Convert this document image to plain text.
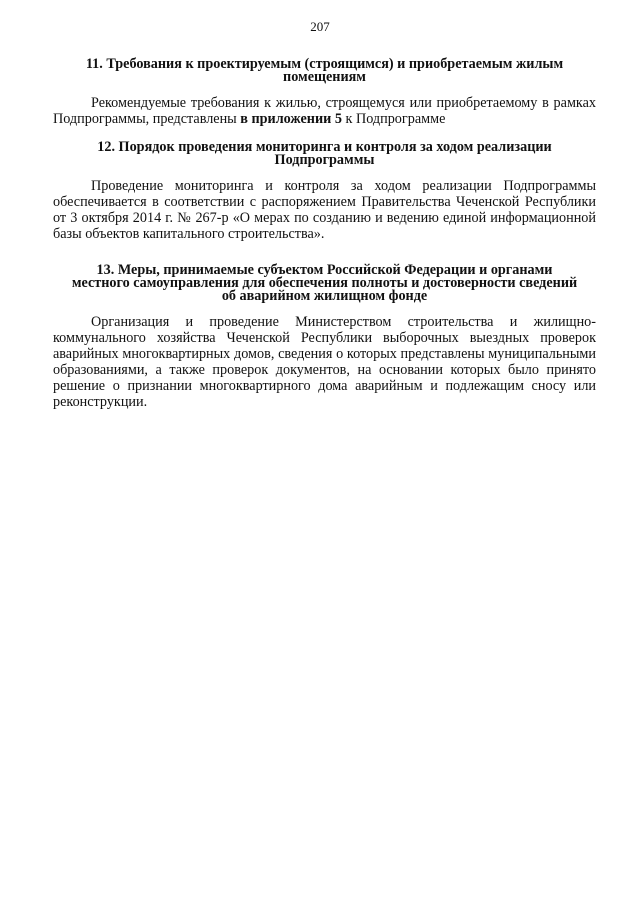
207

11. Требования к проектируемым (строящимся) и приобретаемым жилым
помещениям

Рекомендуемые требования к жилью, строящемуся или приобретаемому в рамках Подпрограммы, представлены в приложении 5 к Подпрограмме

12. Порядок проведения мониторинга и контроля за ходом реализации
Подпрограммы

Проведение мониторинга и контроля за ходом реализации Подпрограммы обеспечивается в соответствии с распоряжением Правительства Чеченской Республики от 3 октября 2014 г. № 267-р «О мерах по созданию и ведению единой информационной базы объектов капитального строительства».

13. Меры, принимаемые субъектом Российской Федерации и органами
местного самоуправления для обеспечения полноты и достоверности сведений
об аварийном жилищном фонде

Организация и проведение Министерством строительства и жилищно-коммунального хозяйства Чеченской Республики выборочных выездных проверок аварийных многоквартирных домов, сведения о которых представлены муниципальными образованиями, а также проверок документов, на основании которых было принято решение о признании многоквартирного дома аварийным и подлежащим сносу или реконструкции.
